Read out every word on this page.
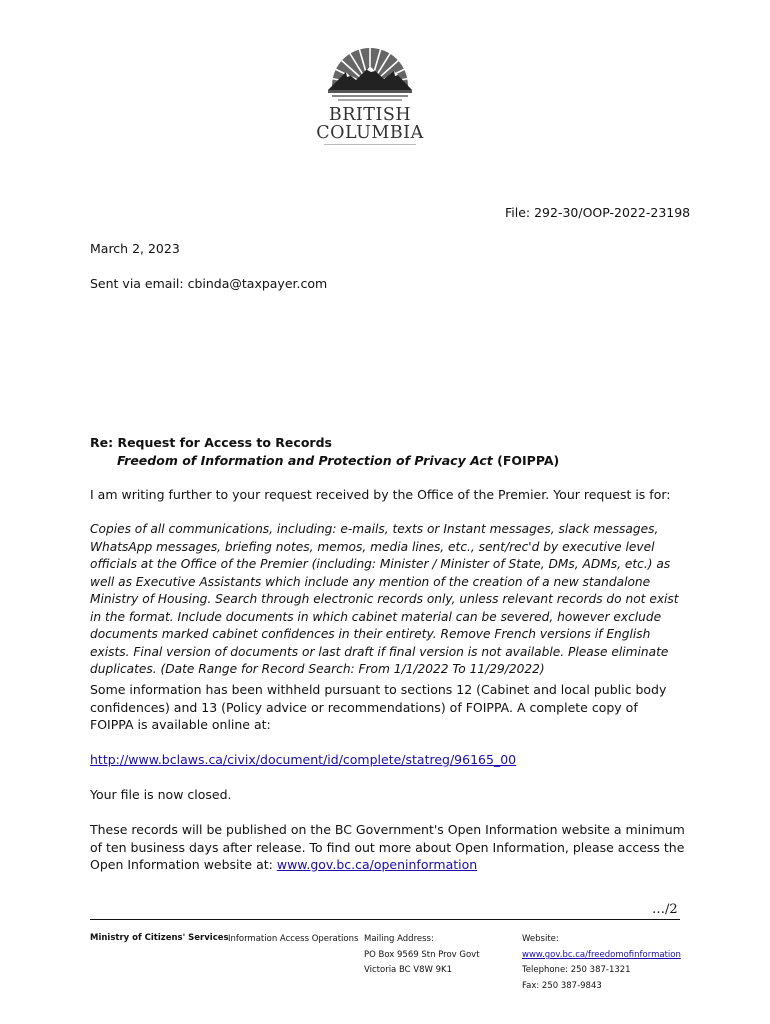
BRITISH
COLUMBIA
File: 292-30/OOP-2022-23198
March 2, 2023
Sent via email: cbinda@taxpayer.com
Re: Request for Access to Records
Freedom of Information and Protection of Privacy Act (FOIPPA)
I am writing further to your request received by the Office of the Premier. Your request is for:
Copies of all communications, including: e-mails, texts or Instant messages, slack messages, WhatsApp messages, briefing notes, memos, media lines, etc., sent/rec'd by executive level officials at the Office of the Premier (including: Minister / Minister of State, DMs, ADMs, etc.) as well as Executive Assistants which include any mention of the creation of a new standalone Ministry of Housing. Search through electronic records only, unless relevant records do not exist in the format. Include documents in which cabinet material can be severed, however exclude documents marked cabinet confidences in their entirety. Remove French versions if English exists. Final version of documents or last draft if final version is not available. Please eliminate duplicates. (Date Range for Record Search: From 1/1/2022 To 11/29/2022)
Some information has been withheld pursuant to sections 12 (Cabinet and local public body confidences) and 13 (Policy advice or recommendations) of FOIPPA. A complete copy of FOIPPA is available online at:
http://www.bclaws.ca/civix/document/id/complete/statreg/96165_00
Your file is now closed.
These records will be published on the BC Government's Open Information website a minimum of ten business days after release. To find out more about Open Information, please access the Open Information website at: www.gov.bc.ca/openinformation
…/2
Ministry of Citizens' Services Information Access Operations Mailing Address:
PO Box 9569 Stn Prov Govt
Victoria BC V8W 9K1
Website:
www.gov.bc.ca/freedomofinformation
Telephone: 250 387-1321
Fax: 250 387-9843
